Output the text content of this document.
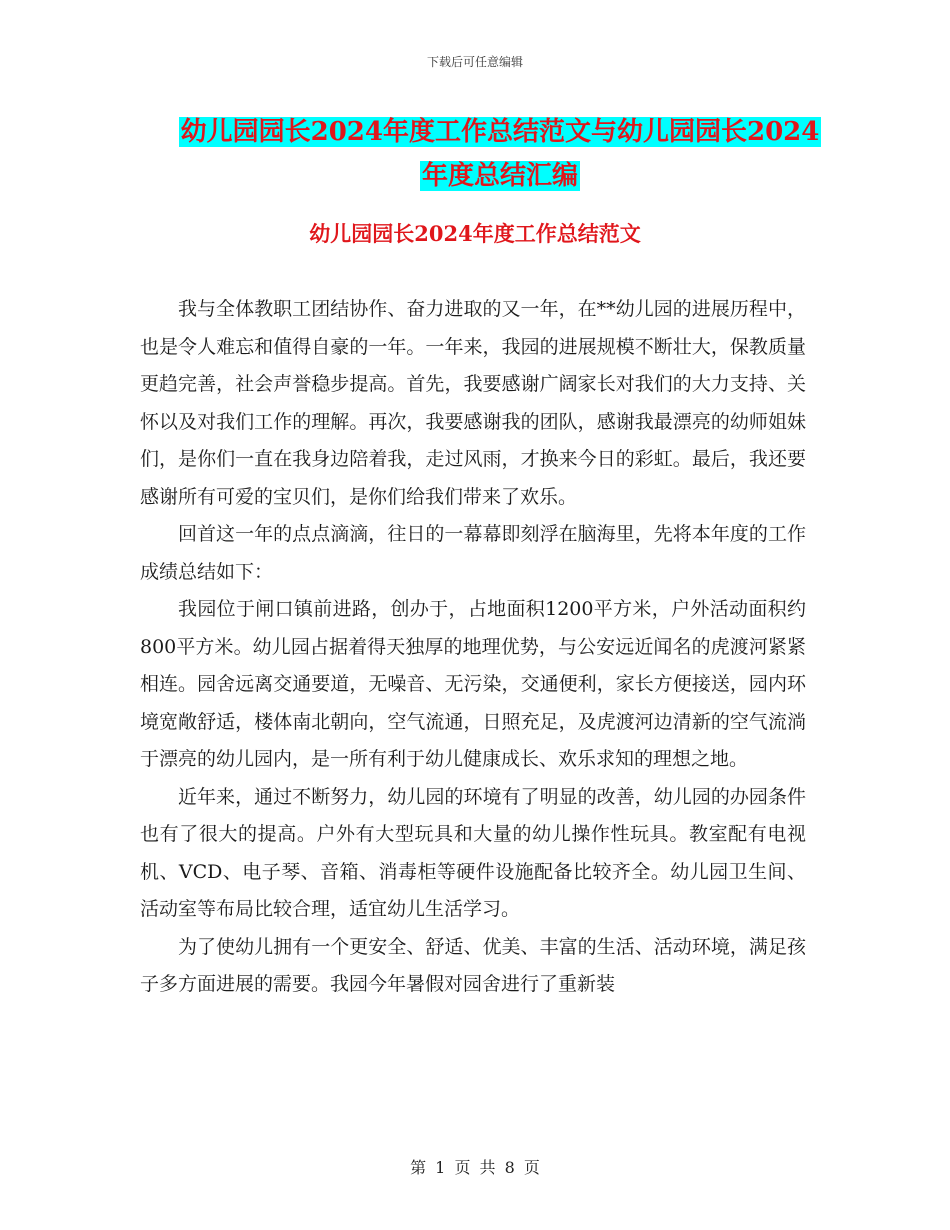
下载后可任意编辑
幼儿园园长2024年度工作总结范文与幼儿园园长2024
年度总结汇编
幼儿园园长2024年度工作总结范文

我与全体教职工团结协作、奋力进取的又一年，在**幼儿园的进展历程中，也是令人难忘和值得自豪的一年。一年来，我园的进展规模不断壮大，保教质量更趋完善，社会声誉稳步提高。首先，我要感谢广阔家长对我们的大力支持、关怀以及对我们工作的理解。再次，我要感谢我的团队，感谢我最漂亮的幼师姐妹们，是你们一直在我身边陪着我，走过风雨，才换来今日的彩虹。最后，我还要感谢所有可爱的宝贝们，是你们给我们带来了欢乐。

回首这一年的点点滴滴，往日的一幕幕即刻浮在脑海里，先将本年度的工作成绩总结如下：

我园位于闸口镇前进路，创办于，占地面积1200平方米，户外活动面积约800平方米。幼儿园占据着得天独厚的地理优势，与公安远近闻名的虎渡河紧紧相连。园舍远离交通要道，无噪音、无污染，交通便利，家长方便接送，园内环境宽敞舒适，楼体南北朝向，空气流通，日照充足，及虎渡河边清新的空气流淌于漂亮的幼儿园内，是一所有利于幼儿健康成长、欢乐求知的理想之地。

近年来，通过不断努力，幼儿园的环境有了明显的改善，幼儿园的办园条件也有了很大的提高。户外有大型玩具和大量的幼儿操作性玩具。教室配有电视机、VCD、电子琴、音箱、消毒柜等硬件设施配备比较齐全。幼儿园卫生间、活动室等布局比较合理，适宜幼儿生活学习。

为了使幼儿拥有一个更安全、舒适、优美、丰富的生活、活动环境，满足孩子多方面进展的需要。我园今年暑假对园舍进行了重新装

第 1 页 共 8 页
